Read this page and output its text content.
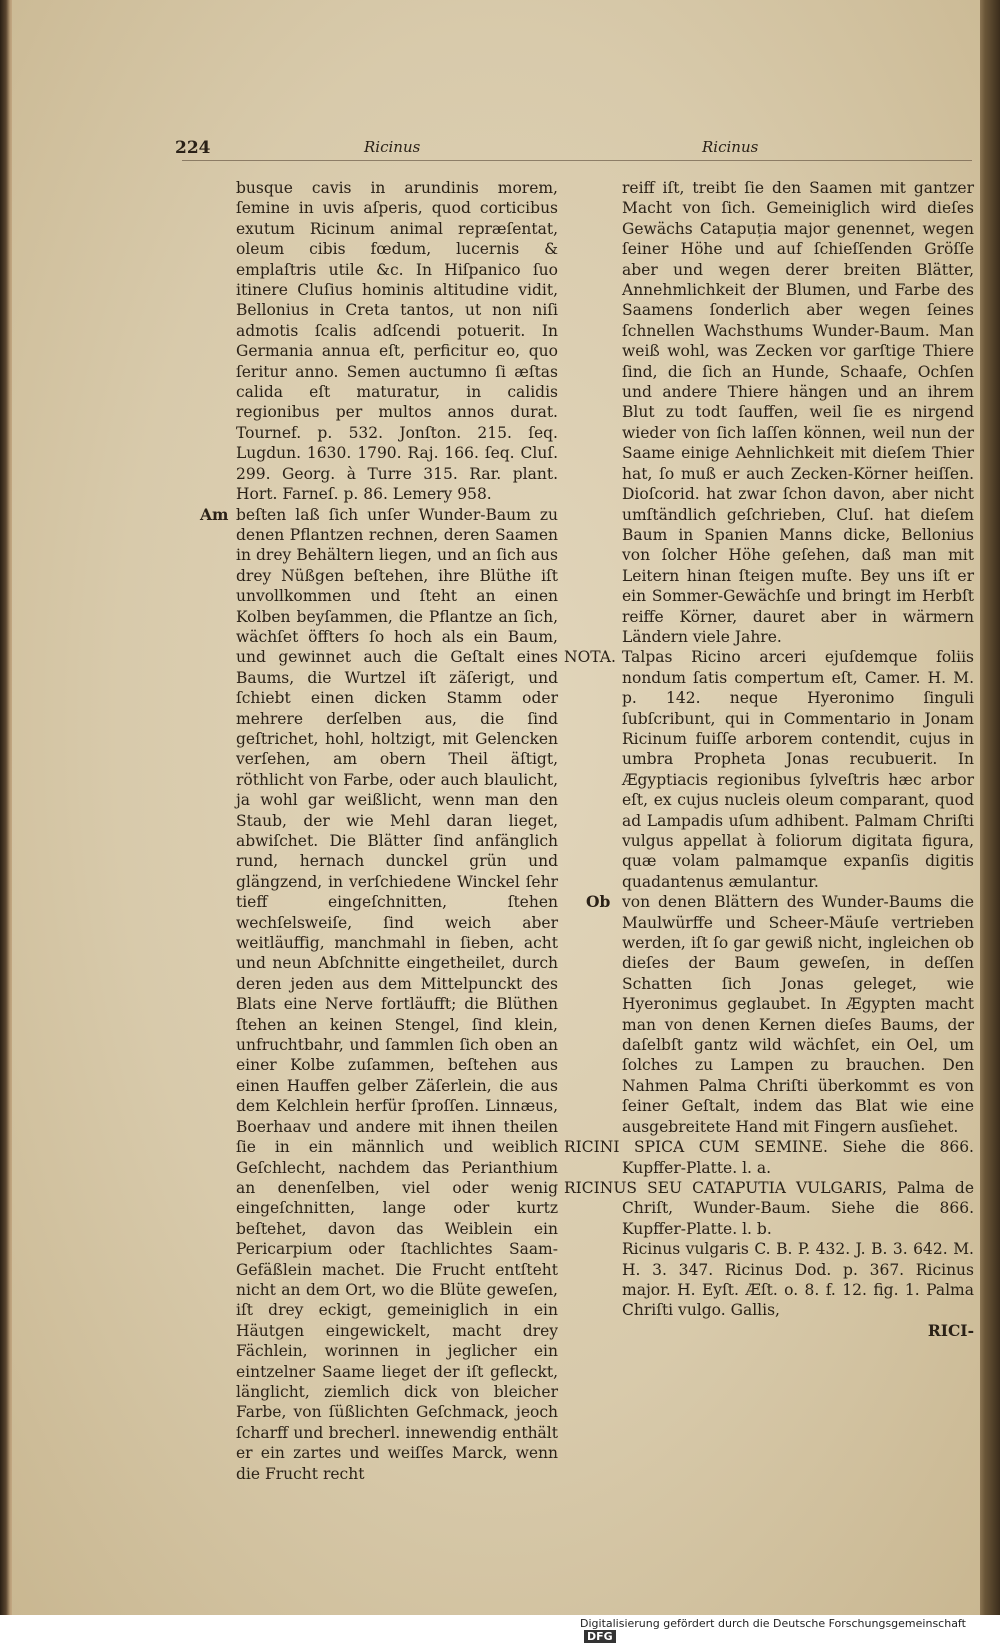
224	Ricinus	Ricinus

busque cavis in arundinis morem, ſemine in uvis aſperis, quod corticibus exutum Ricinum animal repræſentat, oleum cibis fœdum, lucernis & emplaſtris utile &c. In Hiſpanico ſuo itinere Cluſius hominis altitudine vidit, Bellonius in Creta tantos, ut non niſi admotis ſcalis adſcendi potuerit. In Germania annua eſt, perficitur eo, quo ſeritur anno. Semen auctumno ſi æſtas calida eſt maturatur, in calidis regionibus per multos annos durat. Tournef. p. 532. Jonſton. 215. ſeq. Lugdun. 1630. 1790. Raj. 166. ſeq. Cluſ. 299. Georg. à Turre 315. Rar. plant. Hort. Farneſ. p. 86. Lemery 958.

Am beſten laß ſich unſer Wunder-Baum zu denen Pflantzen rechnen, deren Saamen in drey Behältern liegen, und an ſich aus drey Nüßgen beſtehen, ihre Blüthe iſt unvollkommen und ſteht an einen Kolben beyſammen, die Pflantze an ſich, wächſet öffters ſo hoch als ein Baum, und gewinnet auch die Geſtalt eines Baums, die Wurtzel iſt zäſerigt, und ſchiebt einen dicken Stamm oder mehrere derſelben aus, die ſind geſtrichet, hohl, holtzigt, mit Gelencken verſehen, am obern Theil äſtigt, röthlicht von Farbe, oder auch blaulicht, ja wohl gar weißlicht, wenn man den Staub, der wie Mehl daran lieget, abwiſchet. Die Blätter ſind anfänglich rund, hernach dunckel grün und glängzend, in verſchiedene Winckel ſehr tieff eingeſchnitten, ſtehen wechſelsweiſe, ſind weich aber weitläuffig, manchmahl in ſieben, acht und neun Abſchnitte eingetheilet, durch deren jeden aus dem Mittelpunckt des Blats eine Nerve fortläufft; die Blüthen ſtehen an keinen Stengel, ſind klein, unfruchtbahr, und ſammlen ſich oben an einer Kolbe zuſammen, beſtehen aus einen Hauffen gelber Zäſerlein, die aus dem Kelchlein herfür ſproſſen. Linnæus, Boerhaav und andere mit ihnen theilen ſie in ein männlich und weiblich Geſchlecht, nachdem das Perianthium an denenſelben, viel oder wenig eingeſchnitten, lange oder kurtz beſtehet, davon das Weiblein ein Pericarpium oder ſtachlichtes Saam-Gefäßlein machet. Die Frucht entſteht nicht an dem Ort, wo die Blüte geweſen, iſt drey eckigt, gemeiniglich in ein Häutgen eingewickelt, macht drey Fächlein, worinnen in jeglicher ein eintzelner Saame lieget der iſt gefleckt, länglicht, ziemlich dick von bleicher Farbe, von ſüßlichten Geſchmack, jeoch ſcharff und brecherl. innewendig enthält er ein zartes und weiſſes Marck, wenn die Frucht recht

reiff iſt, treibt ſie den Saamen mit gantzer Macht von ſich. Gemeiniglich wird dieſes Gewächs Catapuția major genennet, wegen ſeiner Höhe und auf ſchieſſenden Gröſſe aber und wegen derer breiten Blätter, Annehmlichkeit der Blumen, und Farbe des Saamens ſonderlich aber wegen ſeines ſchnellen Wachsthums Wunder-Baum. Man weiß wohl, was Zecken vor garſtige Thiere ſind, die ſich an Hunde, Schaafe, Ochſen und andere Thiere hängen und an ihrem Blut zu todt ſauffen, weil ſie es nirgend wieder von ſich laſſen können, weil nun der Saame einige Aehnlichkeit mit dieſem Thier hat, ſo muß er auch Zecken-Körner heiſſen. Dioſcorid. hat zwar ſchon davon, aber nicht umſtändlich geſchrieben, Cluſ. hat dieſem Baum in Spanien Manns dicke, Bellonius von ſolcher Höhe geſehen, daß man mit Leitern hinan ſteigen muſte. Bey uns iſt er ein Sommer-Gewächſe und bringt im Herbſt reiffe Körner, dauret aber in wärmern Ländern viele Jahre.

NOTA. Talpas Ricino arceri ejuſdemque foliis nondum ſatis compertum eſt, Camer. H. M. p. 142. neque Hyeronimo ſinguli ſubſcribunt, qui in Commentario in Jonam Ricinum fuiſſe arborem contendit, cujus in umbra Propheta Jonas recubuerit. In Ægyptiacis regionibus ſylveſtris hæc arbor eſt, ex cujus nucleis oleum comparant, quod ad Lampadis uſum adhibent. Palmam Chriſti vulgus appellat à foliorum digitata figura, quæ volam palmamque expanſis digitis quadantenus æmulantur.

Ob von denen Blättern des Wunder-Baums die Maulwürffe und Scheer-Mäuſe vertrieben werden, iſt ſo gar gewiß nicht, ingleichen ob dieſes der Baum geweſen, in deſſen Schatten ſich Jonas geleget, wie Hyeronimus geglaubet. In Ægypten macht man von denen Kernen dieſes Baums, der daſelbſt gantz wild wächſet, ein Oel, um ſolches zu Lampen zu brauchen. Den Nahmen Palma Chriſti überkommt es von ſeiner Geſtalt, indem das Blat wie eine ausgebreitete Hand mit Fingern ausſiehet.

RICINI SPICA CUM SEMINE. Siehe die 866. Kupffer-Platte. l. a.

RICINUS SEU CATAPUTIA VULGARIS, Palma de Chriſt, Wunder-Baum. Siehe die 866. Kupffer-Platte. l. b.

Ricinus vulgaris C. B. P. 432. J. B. 3. 642. M. H. 3. 347. Ricinus Dod. p. 367. Ricinus major. H. Eyſt. Æſt. o. 8. f. 12. fig. 1. Palma Chriſti vulgo. Gallis,

RICI-

Digitalisierung gefördert durch die Deutsche ForschungsgemeinschaftDFG
